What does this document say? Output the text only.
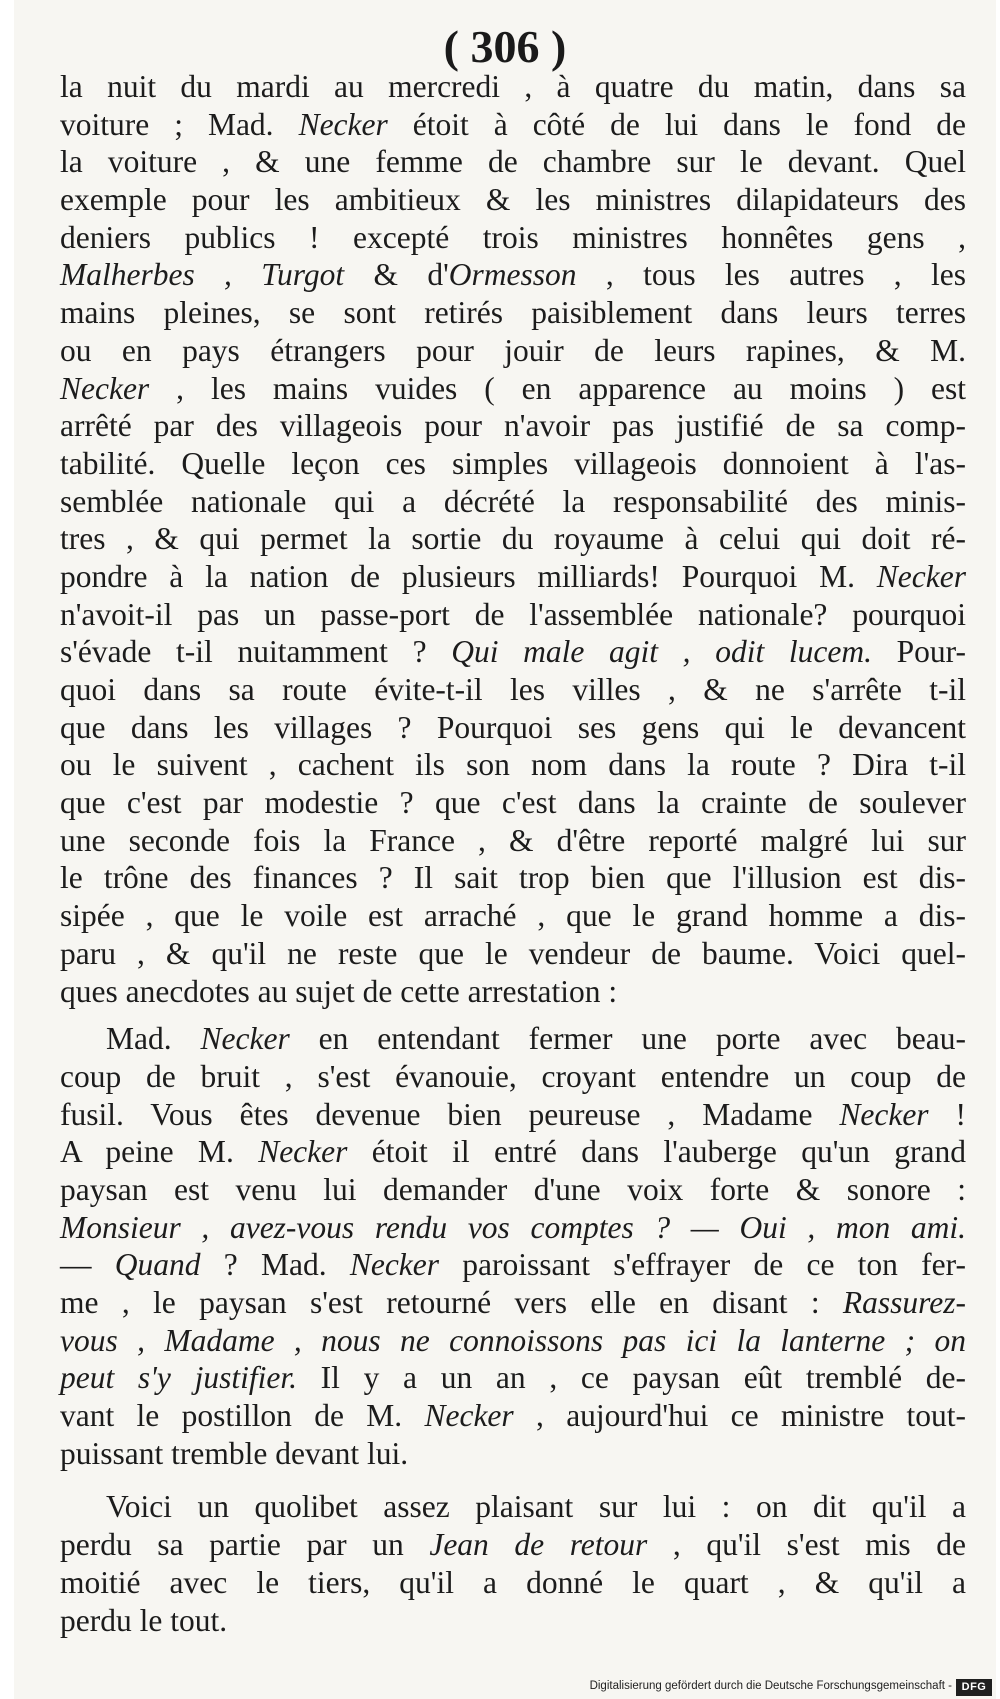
( 306 )
la nuit du mardi au mercredi , à quatre du matin, dans sa
voiture ; Mad. Necker étoit à côté de lui dans le fond de
la voiture , & une femme de chambre sur le devant. Quel
exemple pour les ambitieux & les ministres dilapidateurs des
deniers publics ! excepté trois ministres honnêtes gens ,
Malherbes , Turgot & d'Ormesson , tous les autres , les
mains pleines, se sont retirés paisiblement dans leurs terres
ou en pays étrangers pour jouir de leurs rapines, & M.
Necker , les mains vuides ( en apparence au moins ) est
arrêté par des villageois pour n'avoir pas justifié de sa comp-
tabilité. Quelle leçon ces simples villageois donnoient à l'as-
semblée nationale qui a décrété la responsabilité des minis-
tres , & qui permet la sortie du royaume à celui qui doit ré-
pondre à la nation de plusieurs milliards! Pourquoi M. Necker
n'avoit-il pas un passe-port de l'assemblée nationale? pourquoi
s'évade t-il nuitamment ? Qui male agit , odit lucem. Pour-
quoi dans sa route évite-t-il les villes , & ne s'arrête t-il
que dans les villages ? Pourquoi ses gens qui le devancent
ou le suivent , cachent ils son nom dans la route ? Dira t-il
que c'est par modestie ? que c'est dans la crainte de soulever
une seconde fois la France , & d'être reporté malgré lui sur
le trône des finances ? Il sait trop bien que l'illusion est dis-
sipée , que le voile est arraché , que le grand homme a dis-
paru , & qu'il ne reste que le vendeur de baume. Voici quel-
ques anecdotes au sujet de cette arrestation :
Mad. Necker en entendant fermer une porte avec beau-
coup de bruit , s'est évanouie, croyant entendre un coup de
fusil. Vous êtes devenue bien peureuse , Madame Necker !
A peine M. Necker étoit il entré dans l'auberge qu'un grand
paysan est venu lui demander d'une voix forte & sonore :
Monsieur , avez-vous rendu vos comptes ? — Oui , mon ami.
— Quand ? Mad. Necker paroissant s'effrayer de ce ton fer-
me , le paysan s'est retourné vers elle en disant : Rassurez-
vous , Madame , nous ne connoissons pas ici la lanterne ; on
peut s'y justifier. Il y a un an , ce paysan eût tremblé de-
vant le postillon de M. Necker , aujourd'hui ce ministre tout-
puissant tremble devant lui.
Voici un quolibet assez plaisant sur lui : on dit qu'il a
perdu sa partie par un Jean de retour , qu'il s'est mis de
moitié avec le tiers, qu'il a donné le quart , & qu'il a
perdu le tout.
Digitalisierung gefördert durch die Deutsche Forschungsgemeinschaft - DFG
